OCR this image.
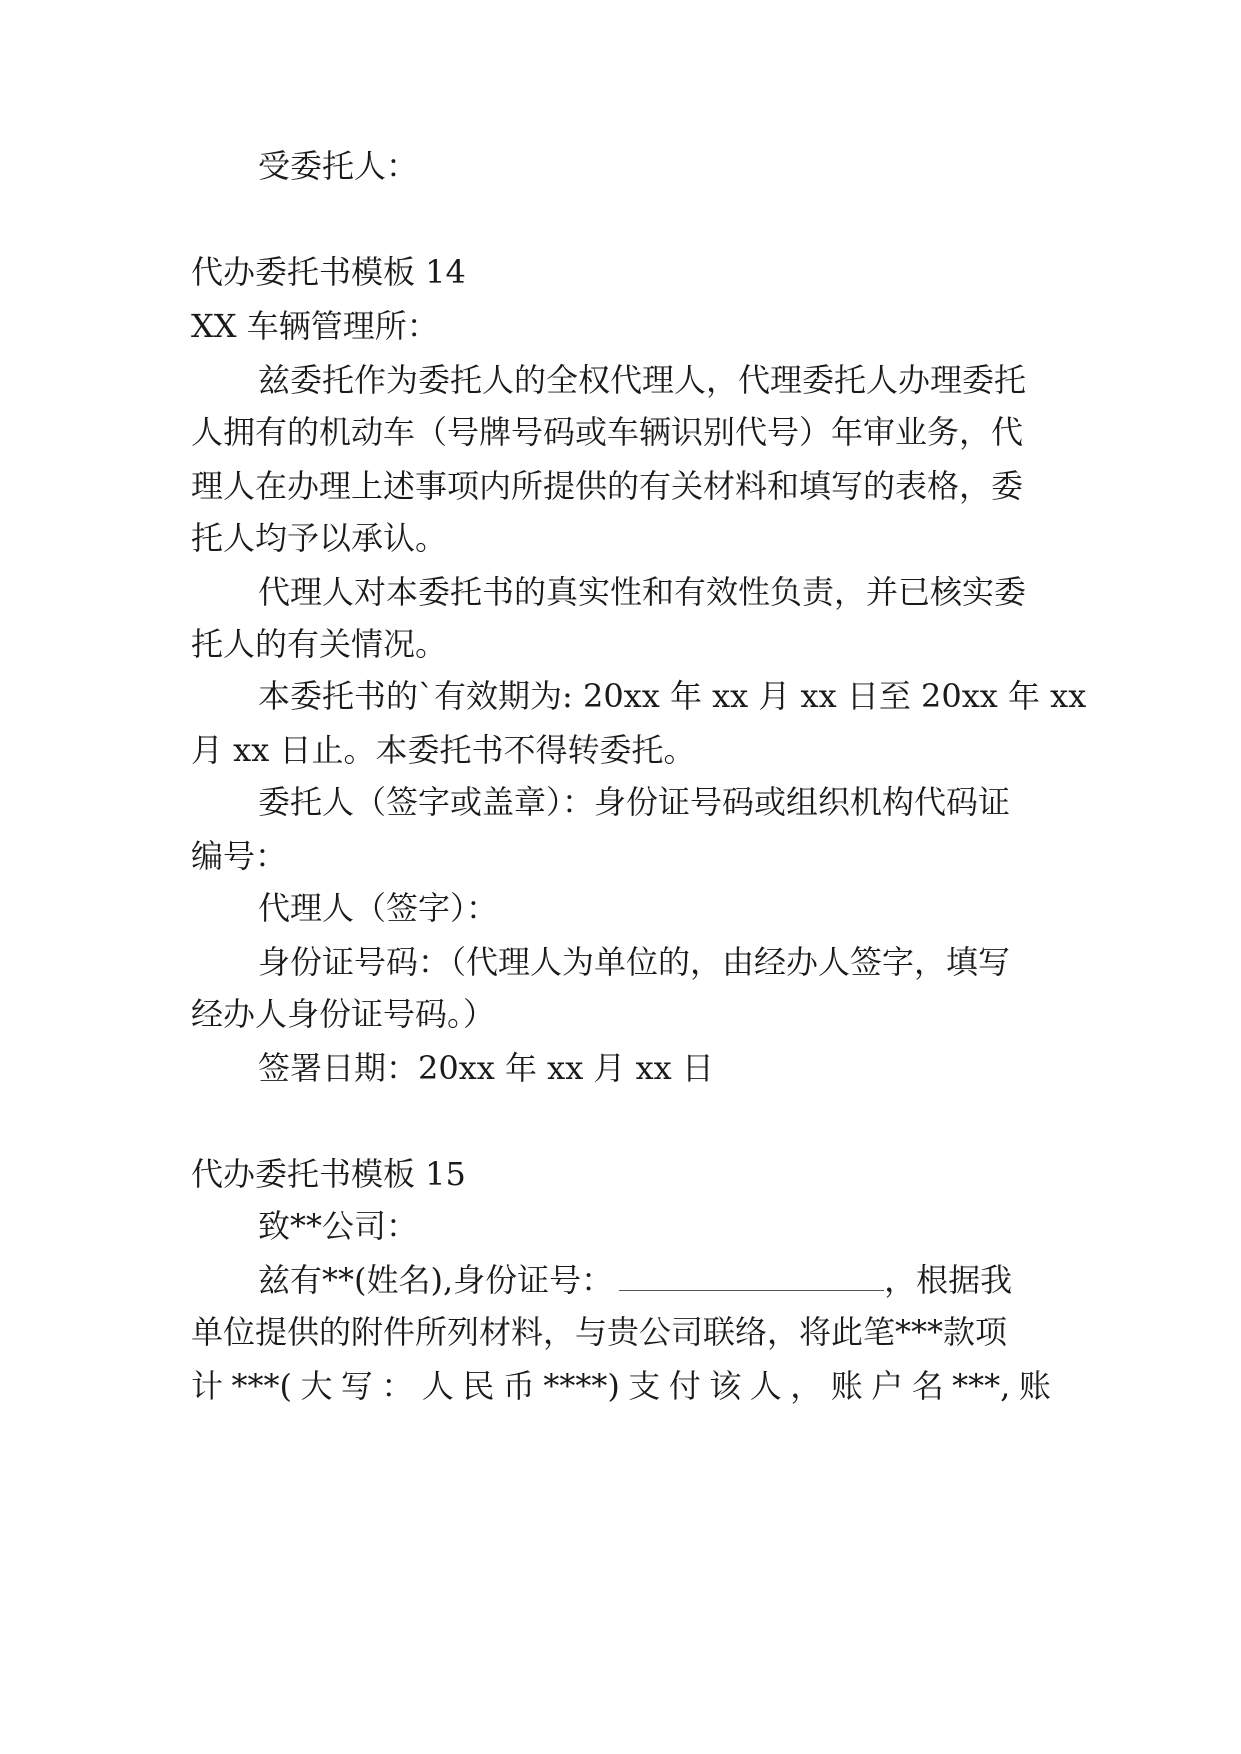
受委托人：
代办委托书模板 14
XX 车辆管理所：
兹委托作为委托人的全权代理人，代理委托人办理委托
人拥有的机动车（号牌号码或车辆识别代号）年审业务，代
理人在办理上述事项内所提供的有关材料和填写的表格，委
托人均予以承认。
代理人对本委托书的真实性和有效性负责，并已核实委
托人的有关情况。
本委托书的`有效期为: 20xx 年 xx 月 xx 日至 20xx 年 xx
月 xx 日止。本委托书不得转委托。
委托人（签字或盖章）：身份证号码或组织机构代码证
编号：
代理人（签字）：
身份证号码：（代理人为单位的，由经办人签字，填写
经办人身份证号码。）
签署日期：20xx 年 xx 月 xx 日
代办委托书模板 15
致**公司：
兹有**(姓名),身份证号：	，根据我
单位提供的附件所列材料，与贵公司联络，将此笔***款项
计 ***( 大 写 ： 人 民 币 ****) 支 付 该 人 ， 账 户 名 ***, 账
